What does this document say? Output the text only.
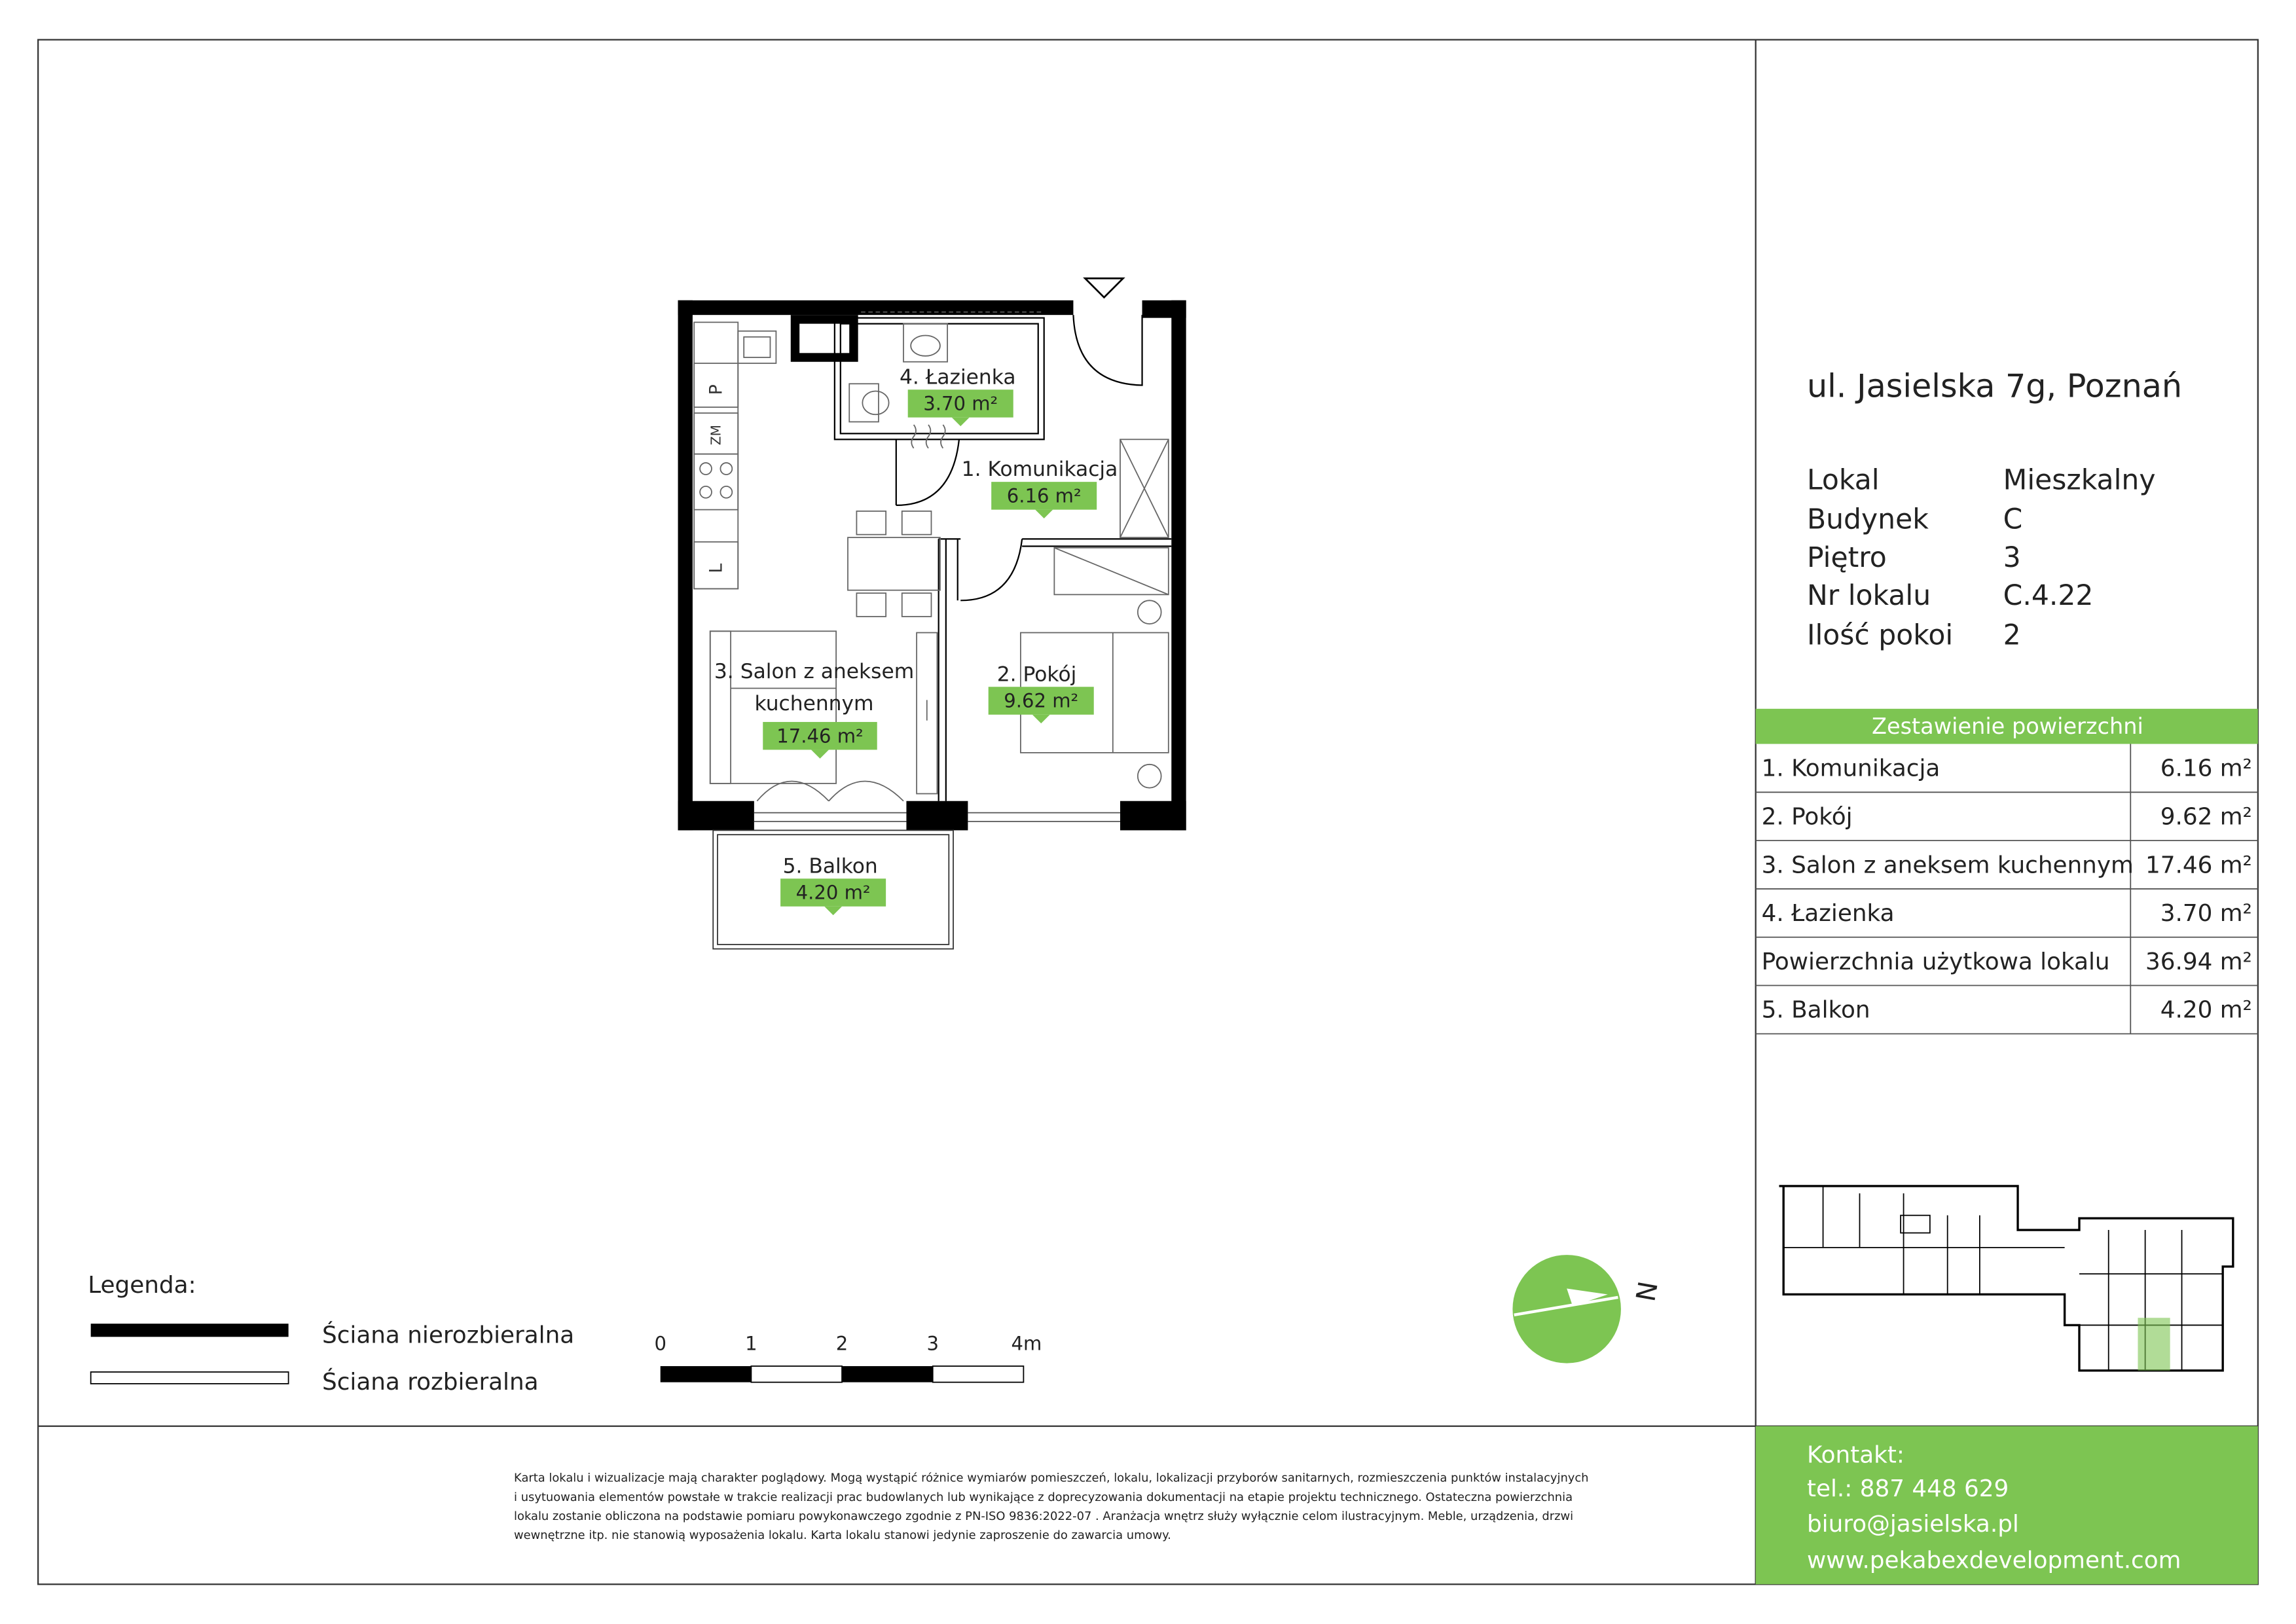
P
ZM
L
4. Łazienka
1. Komunikacja
3. Salon z aneksem
kuchennym
2. Pokój
5. Balkon
3.70 m²
6.16 m²
17.46 m²
9.62 m²
4.20 m²
Legenda:
Ściana nierozbieralna
Ściana rozbieralna
0	1	2	3	4m
N
ul. Jasielska 7g, Poznań
Lokal	Mieszkalny
Budynek	C
Piętro	3
Nr lokalu	C.4.22
Ilość pokoi	2
Zestawienie powierzchni
1. Komunikacja	6.16 m²
2. Pokój	9.62 m²
3. Salon z aneksem kuchennym 17.46 m²
4. Łazienka	3.70 m²
Powierzchnia użytkowa lokalu	36.94 m²
5. Balkon	4.20 m²
Karta lokalu i wizualizacje mają charakter poglądowy. Mogą wystąpić różnice wymiarów pomieszczeń, lokalu, lokalizacji przyborów sanitarnych, rozmieszczenia punktów instalacyjnych
i usytuowania elementów powstałe w trakcie realizacji prac budowlanych lub wynikające z doprecyzowania dokumentacji na etapie projektu technicznego. Ostateczna powierzchnia
lokalu zostanie obliczona na podstawie pomiaru powykonawczego zgodnie z PN-ISO 9836:2022-07 . Aranżacja wnętrz służy wyłącznie celom ilustracyjnym. Meble, urządzenia, drzwi
wewnętrzne itp. nie stanowią wyposażenia lokalu. Karta lokalu stanowi jedynie zaproszenie do zawarcia umowy.
Kontakt:
tel.: 887 448 629
biuro@jasielska.pl
www.pekabexdevelopment.com
